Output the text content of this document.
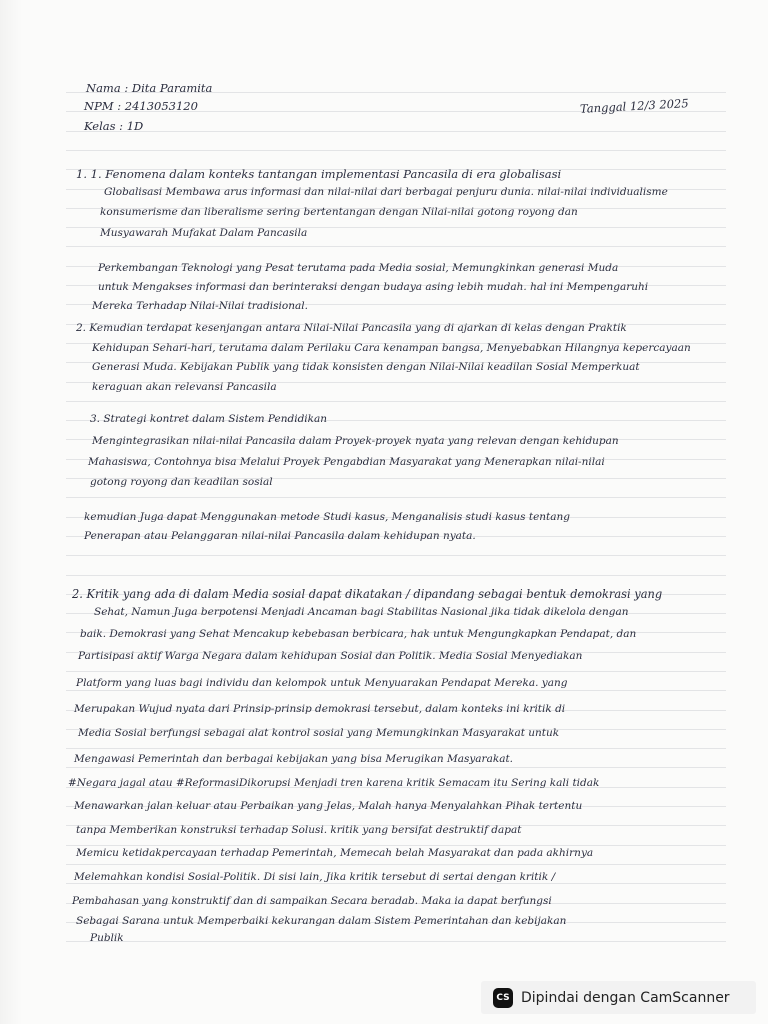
Nama : Dita Paramita
NPM : 2413053120
Kelas : 1D
Tanggal 12/3 2025
1. 1. Fenomena dalam konteks tantangan implementasi Pancasila di era globalisasi
Globalisasi Membawa arus informasi dan nilai-nilai dari berbagai penjuru dunia. nilai-nilai individualisme
konsumerisme dan liberalisme sering bertentangan dengan Nilai-nilai gotong royong dan
Musyawarah Mufakat Dalam Pancasila
Perkembangan Teknologi yang Pesat terutama pada Media sosial, Memungkinkan generasi Muda
untuk Mengakses informasi dan berinteraksi dengan budaya asing lebih mudah. hal ini Mempengaruhi
Mereka Terhadap Nilai-Nilai tradisional.
2. Kemudian terdapat kesenjangan antara Nilai-Nilai Pancasila yang di ajarkan di kelas dengan Praktik
Kehidupan Sehari-hari, terutama dalam Perilaku Cara kenampan bangsa, Menyebabkan Hilangnya kepercayaan
Generasi Muda. Kebijakan Publik yang tidak konsisten dengan Nilai-Nilai keadilan Sosial Memperkuat
keraguan akan relevansi Pancasila
3. Strategi kontret dalam Sistem Pendidikan
Mengintegrasikan nilai-nilai Pancasila dalam Proyek-proyek nyata yang relevan dengan kehidupan
Mahasiswa, Contohnya bisa Melalui Proyek Pengabdian Masyarakat yang Menerapkan nilai-nilai
gotong royong dan keadilan sosial
kemudian Juga dapat Menggunakan metode Studi kasus, Menganalisis studi kasus tentang
Penerapan atau Pelanggaran nilai-nilai Pancasila dalam kehidupan nyata.
2. Kritik yang ada di dalam Media sosial dapat dikatakan / dipandang sebagai bentuk demokrasi yang
Sehat, Namun Juga berpotensi Menjadi Ancaman bagi Stabilitas Nasional jika tidak dikelola dengan
baik. Demokrasi yang Sehat Mencakup kebebasan berbicara, hak untuk Mengungkapkan Pendapat, dan
Partisipasi aktif Warga Negara dalam kehidupan Sosial dan Politik. Media Sosial Menyediakan
Platform yang luas bagi individu dan kelompok untuk Menyuarakan Pendapat Mereka. yang
Merupakan Wujud nyata dari Prinsip-prinsip demokrasi tersebut, dalam konteks ini kritik di
Media Sosial berfungsi sebagai alat kontrol sosial yang Memungkinkan Masyarakat untuk
Mengawasi Pemerintah dan berbagai kebijakan yang bisa Merugikan Masyarakat.
#Negara jagal atau #ReformasiDikorupsi Menjadi tren karena kritik Semacam itu Sering kali tidak
Menawarkan jalan keluar atau Perbaikan yang Jelas, Malah hanya Menyalahkan Pihak tertentu
tanpa Memberikan konstruksi terhadap Solusi. kritik yang bersifat destruktif dapat
Memicu ketidakpercayaan terhadap Pemerintah, Memecah belah Masyarakat dan pada akhirnya
Melemahkan kondisi Sosial-Politik. Di sisi lain, Jika kritik tersebut di sertai dengan kritik /
Pembahasan yang konstruktif dan di sampaikan Secara beradab. Maka ia dapat berfungsi
Sebagai Sarana untuk Memperbaiki kekurangan dalam Sistem Pemerintahan dan kebijakan
Publik
CS Dipindai dengan CamScanner
